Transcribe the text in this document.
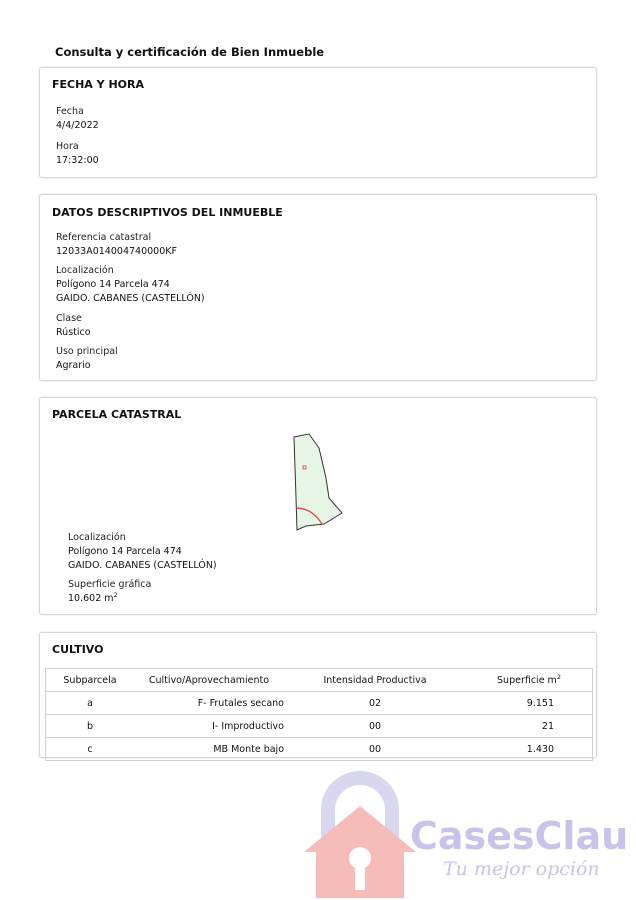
Consulta y certificación de Bien Inmueble
FECHA Y HORA
Fecha
4/4/2022
Hora
17:32:00
DATOS DESCRIPTIVOS DEL INMUEBLE
Referencia catastral
12033A014004740000KF
Localización
Polígono 14 Parcela 474
GAIDO. CABANES (CASTELLÓN)
Clase
Rústico
Uso principal
Agrario
PARCELA CATASTRAL
Localización
Polígono 14 Parcela 474
GAIDO. CABANES (CASTELLÓN)
Superficie gráfica
10.602 $m^2$
CULTIVO
Subparcela	Cultivo/Aprovechamiento	Intensidad Productiva	Superficie $m^2$
a	F- Frutales secano	02	9.151
b	I- Improductivo	00	21
c	MB Monte bajo	00	1.430
CasesClau
Tu mejor opción
